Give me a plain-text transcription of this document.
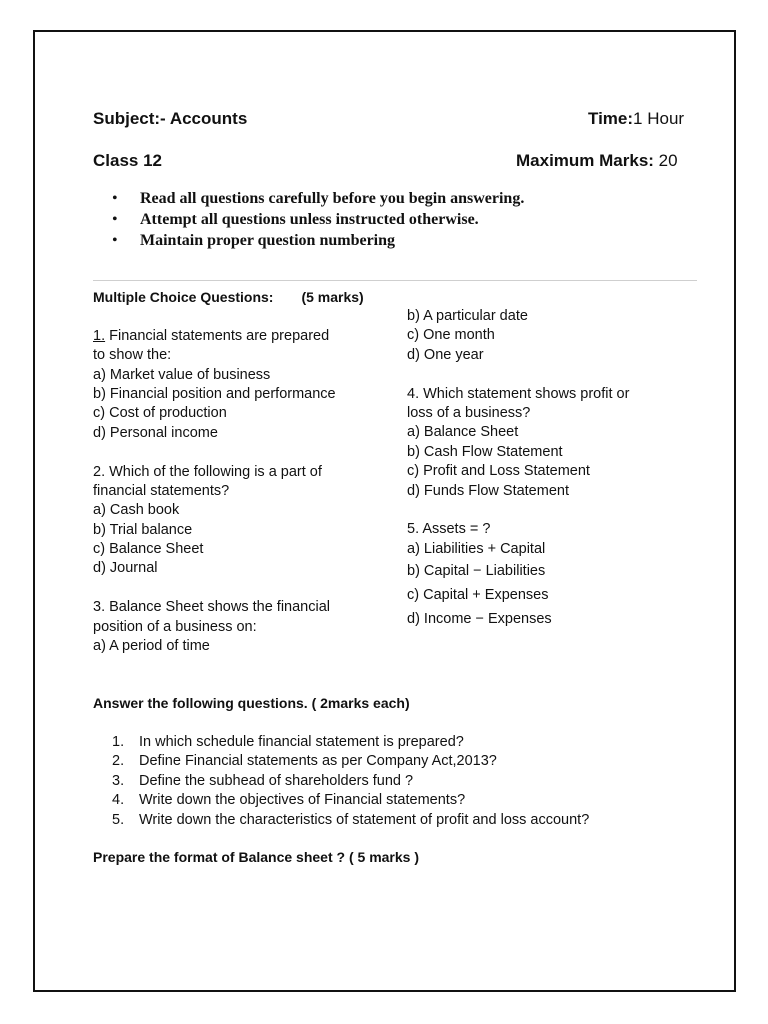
Subject:- Accounts	Time:1 Hour
Class 12	Maximum Marks: 20
• Read all questions carefully before you begin answering.
• Attempt all questions unless instructed otherwise.
• Maintain proper question numbering
Multiple Choice Questions: (5 marks)
1. Financial statements are prepared
to show the:
a) Market value of business
b) Financial position and performance
c) Cost of production
d) Personal income
2. Which of the following is a part of
financial statements?
a) Cash book
b) Trial balance
c) Balance Sheet
d) Journal
3. Balance Sheet shows the financial
position of a business on:
a) A period of time
b) A particular date
c) One month
d) One year
4. Which statement shows profit or
loss of a business?
a) Balance Sheet
b) Cash Flow Statement
c) Profit and Loss Statement
d) Funds Flow Statement
5. Assets = ?
a) Liabilities + Capital
b) Capital − Liabilities
c) Capital + Expenses
d) Income − Expenses
Answer the following questions. ( 2marks each)
1. In which schedule financial statement is prepared?
2. Define Financial statements as per Company Act,2013?
3. Define the subhead of shareholders fund ?
4. Write down the objectives of Financial statements?
5. Write down the characteristics of statement of profit and loss account?
Prepare the format of Balance sheet ? ( 5 marks )
